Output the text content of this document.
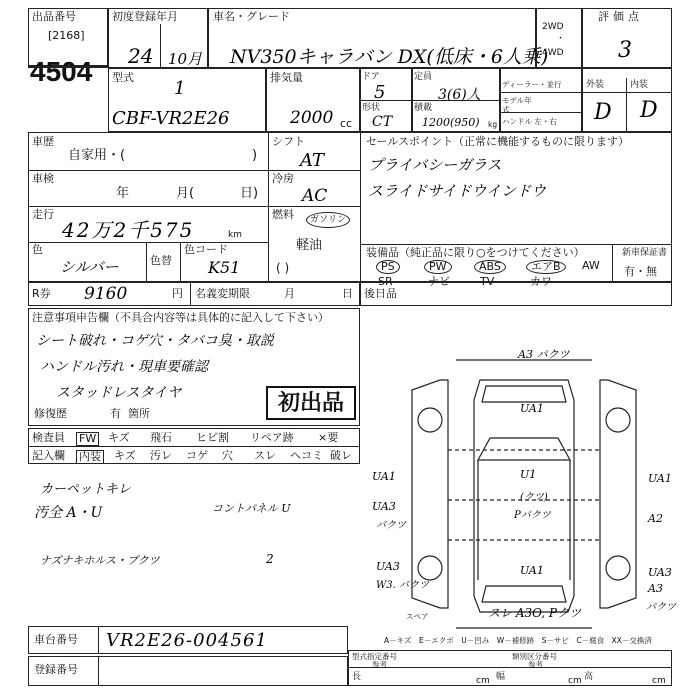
出品番号
[2168]
4504
初度登録年月
24 10月
車名・グレード
NV350キャラバン DX(低床・6人乗)
2WD
・
4WD
評価点
3
型式
1
CBF-VR2E26
排気量
2000 cc
ドア
5
形状
CT
定員
3(6)人
積載
1200(950) kg
ディーラー・並行
モデル年式
ハンドル 左・右
外装	内装
D D
車歴
自家用・(	)
車検
年	月(	日)
走行
42万2千575	km
色
シルバー	色替
色コード
K51
シフト
AT
冷房
AC
燃料	ガソリン
軽油
( )
セールスポイント（正常に機能するものに限ります）
プライバシーガラス
スライドサイドウインドウ
装備品（純正品に限り○をつけてください）	新車保証書
有・無
PS	PW	ABS	エアB	AW
SR	ナビ	TV	カワ
R券 9160	円 名義変期限	月	日 後日品
注意事項申告欄（不具合内容等は具体的に記入して下さい）
シート破れ・コゲ穴・タバコ臭・取説
ハンドル汚れ・現車要確認
スタッドレスタイヤ
修復歴	有 箇所	初出品
検査員
記入欄
FW キズ 飛石 ヒビ割 リペア跡 ×要
内装 キズ 汚レ コゲ 穴 スレ ヘコミ 破レ
カーペットキレ
汚全 A・U	コントパネル U
ナズナキホルス・プクツ	2
A3 パクツ
UA1
U1
(クツ)
Pパクツ
UA1
UA3
パクツ
UA3
W3. パクツ
UA1
A2
UA3
A3
パクツ
UA1
スレ A3O, Pクツ
スペア
A－キズ　E－エクボ　U－凹み　W－補修跡　S－サビ　C－腐食　XX－交換済
車台番号 VR2E26-004561
登録番号
型式指定番号
参考
類別区分番号
参考
長	cm 幅	cm 高	cm
